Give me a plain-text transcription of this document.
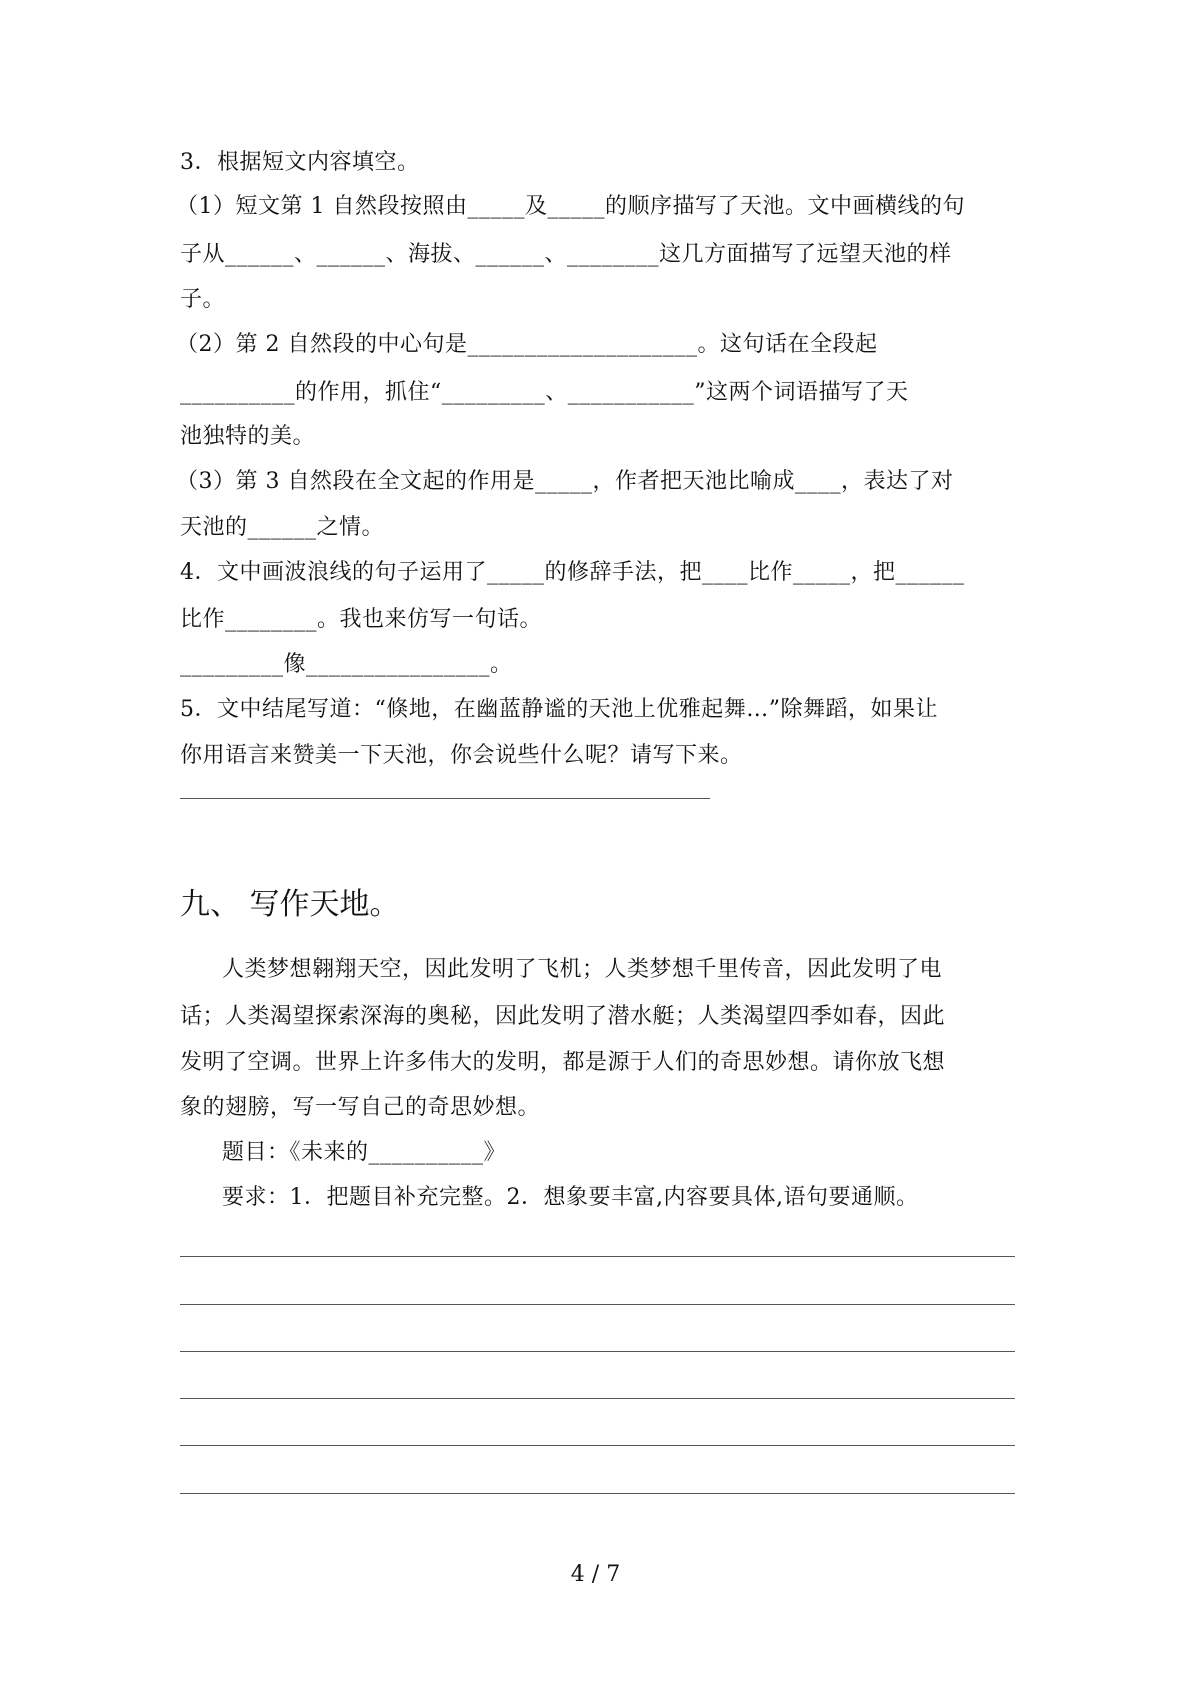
3．根据短文内容填空。
（1）短文第 1 自然段按照由_____及_____的顺序描写了天池。文中画横线的句
子从______、______、海拔、______、________这几方面描写了远望天池的样
子。
（2）第 2 自然段的中心句是____________________。这句话在全段起
__________的作用，抓住“_________、___________”这两个词语描写了天
池独特的美。
（3）第 3 自然段在全文起的作用是_____，作者把天池比喻成____，表达了对
天池的______之情。
4．文中画波浪线的句子运用了_____的修辞手法，把____比作_____，把______
比作________。我也来仿写一句话。
_________像________________。
5．文中结尾写道：“倏地，在幽蓝静谧的天池上优雅起舞…”除舞蹈，如果让
你用语言来赞美一下天池，你会说些什么呢？请写下来。
九、 写作天地。
人类梦想翱翔天空，因此发明了飞机；人类梦想千里传音，因此发明了电
话；人类渴望探索深海的奥秘，因此发明了潜水艇；人类渴望四季如春，因此
发明了空调。世界上许多伟大的发明，都是源于人们的奇思妙想。请你放飞想
象的翅膀，写一写自己的奇思妙想。
题目：《未来的__________》
要求：1．把题目补充完整。2．想象要丰富,内容要具体,语句要通顺。
4 / 7
